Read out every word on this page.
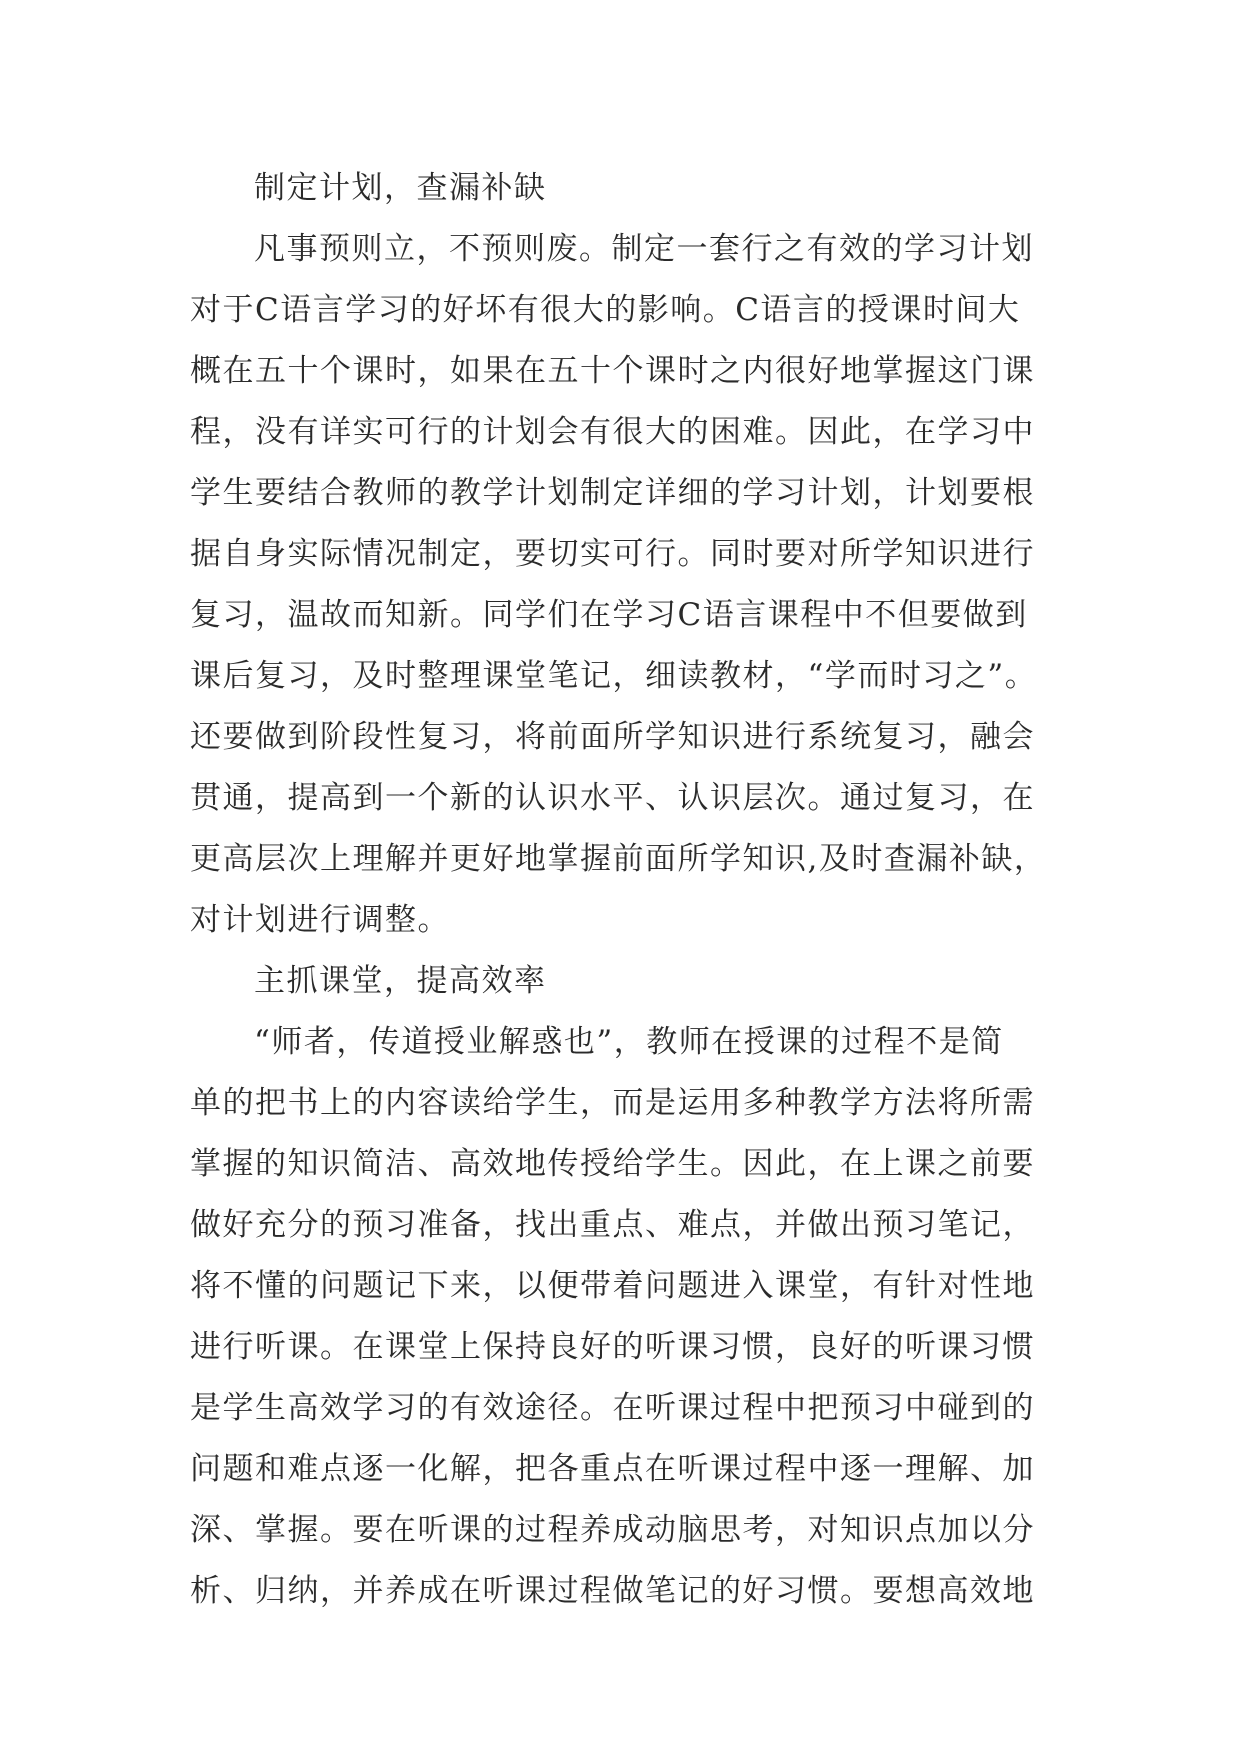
制定计划，查漏补缺
凡事预则立，不预则废。制定一套行之有效的学习计划
对于C语言学习的好坏有很大的影响。C语言的授课时间大
概在五十个课时，如果在五十个课时之内很好地掌握这门课
程，没有详实可行的计划会有很大的困难。因此，在学习中
学生要结合教师的教学计划制定详细的学习计划，计划要根
据自身实际情况制定，要切实可行。同时要对所学知识进行
复习，温故而知新。同学们在学习C语言课程中不但要做到
课后复习，及时整理课堂笔记，细读教材，“学而时习之”。
还要做到阶段性复习，将前面所学知识进行系统复习，融会
贯通，提高到一个新的认识水平、认识层次。通过复习，在
更高层次上理解并更好地掌握前面所学知识,及时查漏补缺，
对计划进行调整。
主抓课堂，提高效率
“师者，传道授业解惑也”，教师在授课的过程不是简
单的把书上的内容读给学生，而是运用多种教学方法将所需
掌握的知识简洁、高效地传授给学生。因此，在上课之前要
做好充分的预习准备，找出重点、难点，并做出预习笔记，
将不懂的问题记下来，以便带着问题进入课堂，有针对性地
进行听课。在课堂上保持良好的听课习惯，良好的听课习惯
是学生高效学习的有效途径。在听课过程中把预习中碰到的
问题和难点逐一化解，把各重点在听课过程中逐一理解、加
深、掌握。要在听课的过程养成动脑思考，对知识点加以分
析、归纳，并养成在听课过程做笔记的好习惯。要想高效地
